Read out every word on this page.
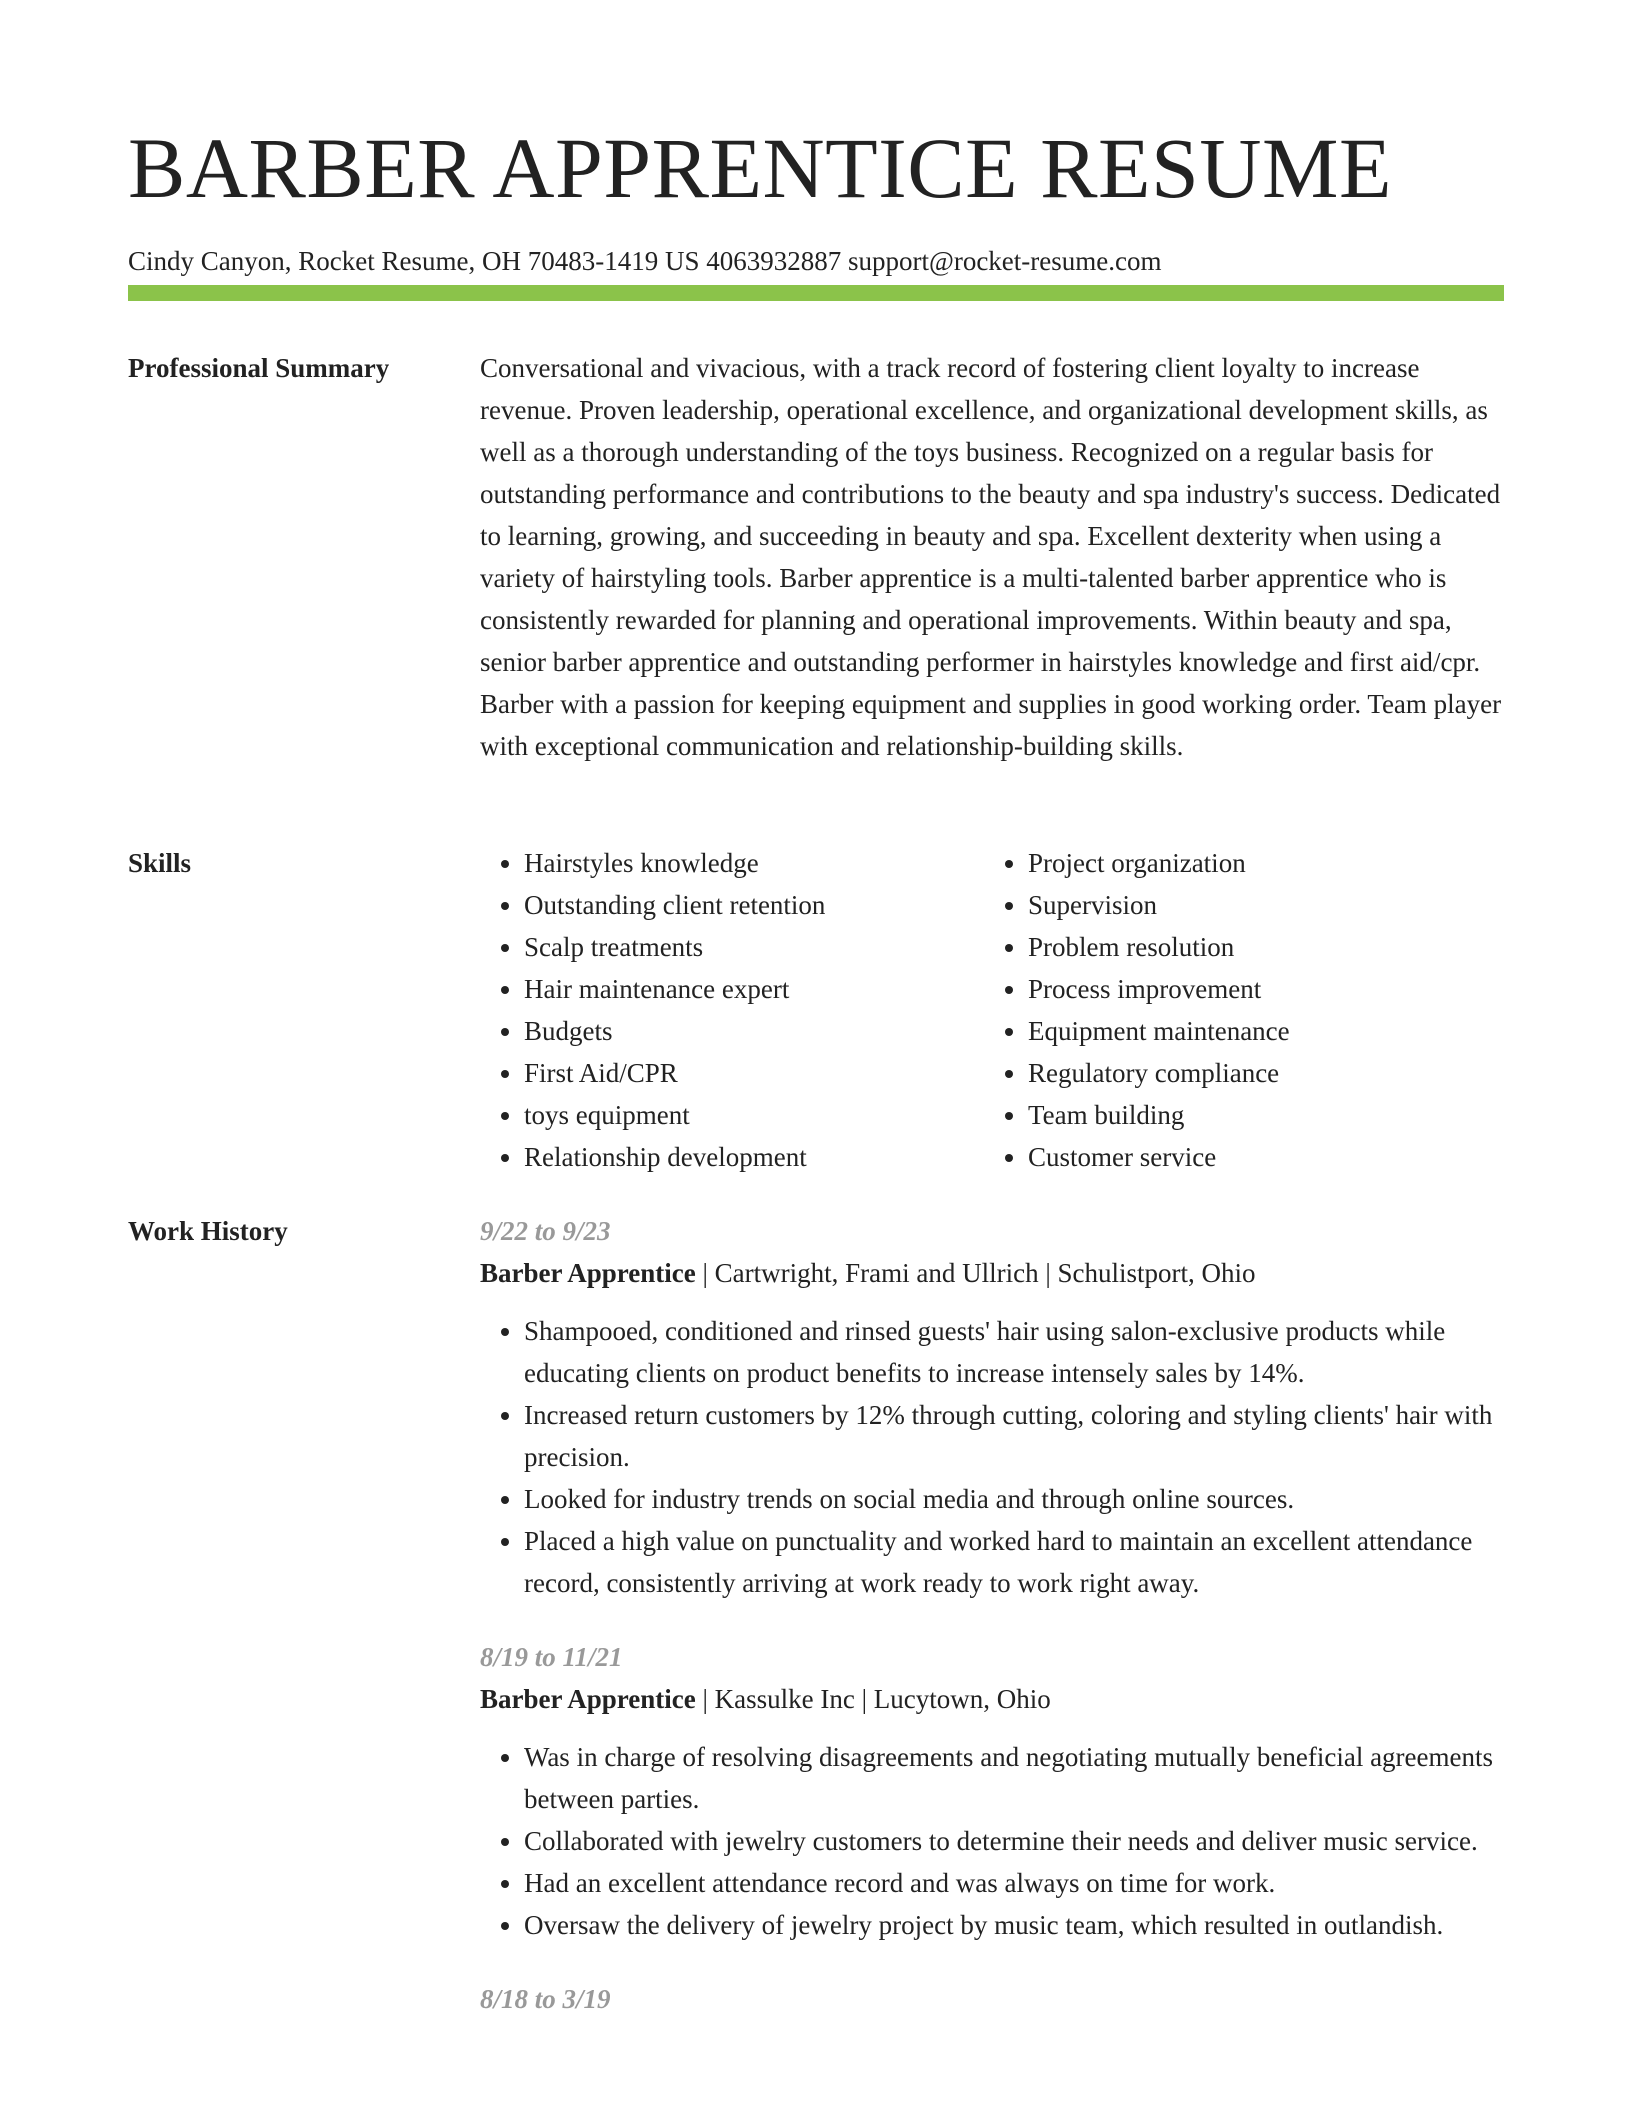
BARBER APPRENTICE RESUME
Cindy Canyon, Rocket Resume, OH 70483-1419 US 4063932887 support@rocket-resume.com
Professional Summary	Conversational and vivacious, with a track record of fostering client loyalty to increase revenue. Proven leadership, operational excellence, and organizational development skills, as well as a thorough understanding of the toys business. Recognized on a regular basis for outstanding performance and contributions to the beauty and spa industry's success. Dedicated to learning, growing, and succeeding in beauty and spa. Excellent dexterity when using a variety of hairstyling tools. Barber apprentice is a multi-talented barber apprentice who is consistently rewarded for planning and operational improvements. Within beauty and spa, senior barber apprentice and outstanding performer in hairstyles knowledge and first aid/cpr. Barber with a passion for keeping equipment and supplies in good working order. Team player with exceptional communication and relationship-building skills.

Skills
•	Hairstyles knowledge
• Outstanding client retention
• Scalp treatments
• Hair maintenance expert
• Budgets
• First Aid/CPR
• toys equipment
• Relationship development
• Project organization
• Supervision
• Problem resolution
• Process improvement
• Equipment maintenance
• Regulatory compliance
• Team building
• Customer service
Work History	9/22 to 9/23
Barber Apprentice | Cartwright, Frami and Ullrich | Schulistport, Ohio
• Shampooed, conditioned and rinsed guests' hair using salon-exclusive products while educating clients on product benefits to increase intensely sales by 14%.
• Increased return customers by 12% through cutting, coloring and styling clients' hair with precision.
• Looked for industry trends on social media and through online sources.
• Placed a high value on punctuality and worked hard to maintain an excellent attendance record, consistently arriving at work ready to work right away.
8/19 to 11/21
Barber Apprentice | Kassulke Inc | Lucytown, Ohio
• Was in charge of resolving disagreements and negotiating mutually beneficial agreements between parties.
• Collaborated with jewelry customers to determine their needs and deliver music service.
• Had an excellent attendance record and was always on time for work.
• Oversaw the delivery of jewelry project by music team, which resulted in outlandish.
8/18 to 3/19
